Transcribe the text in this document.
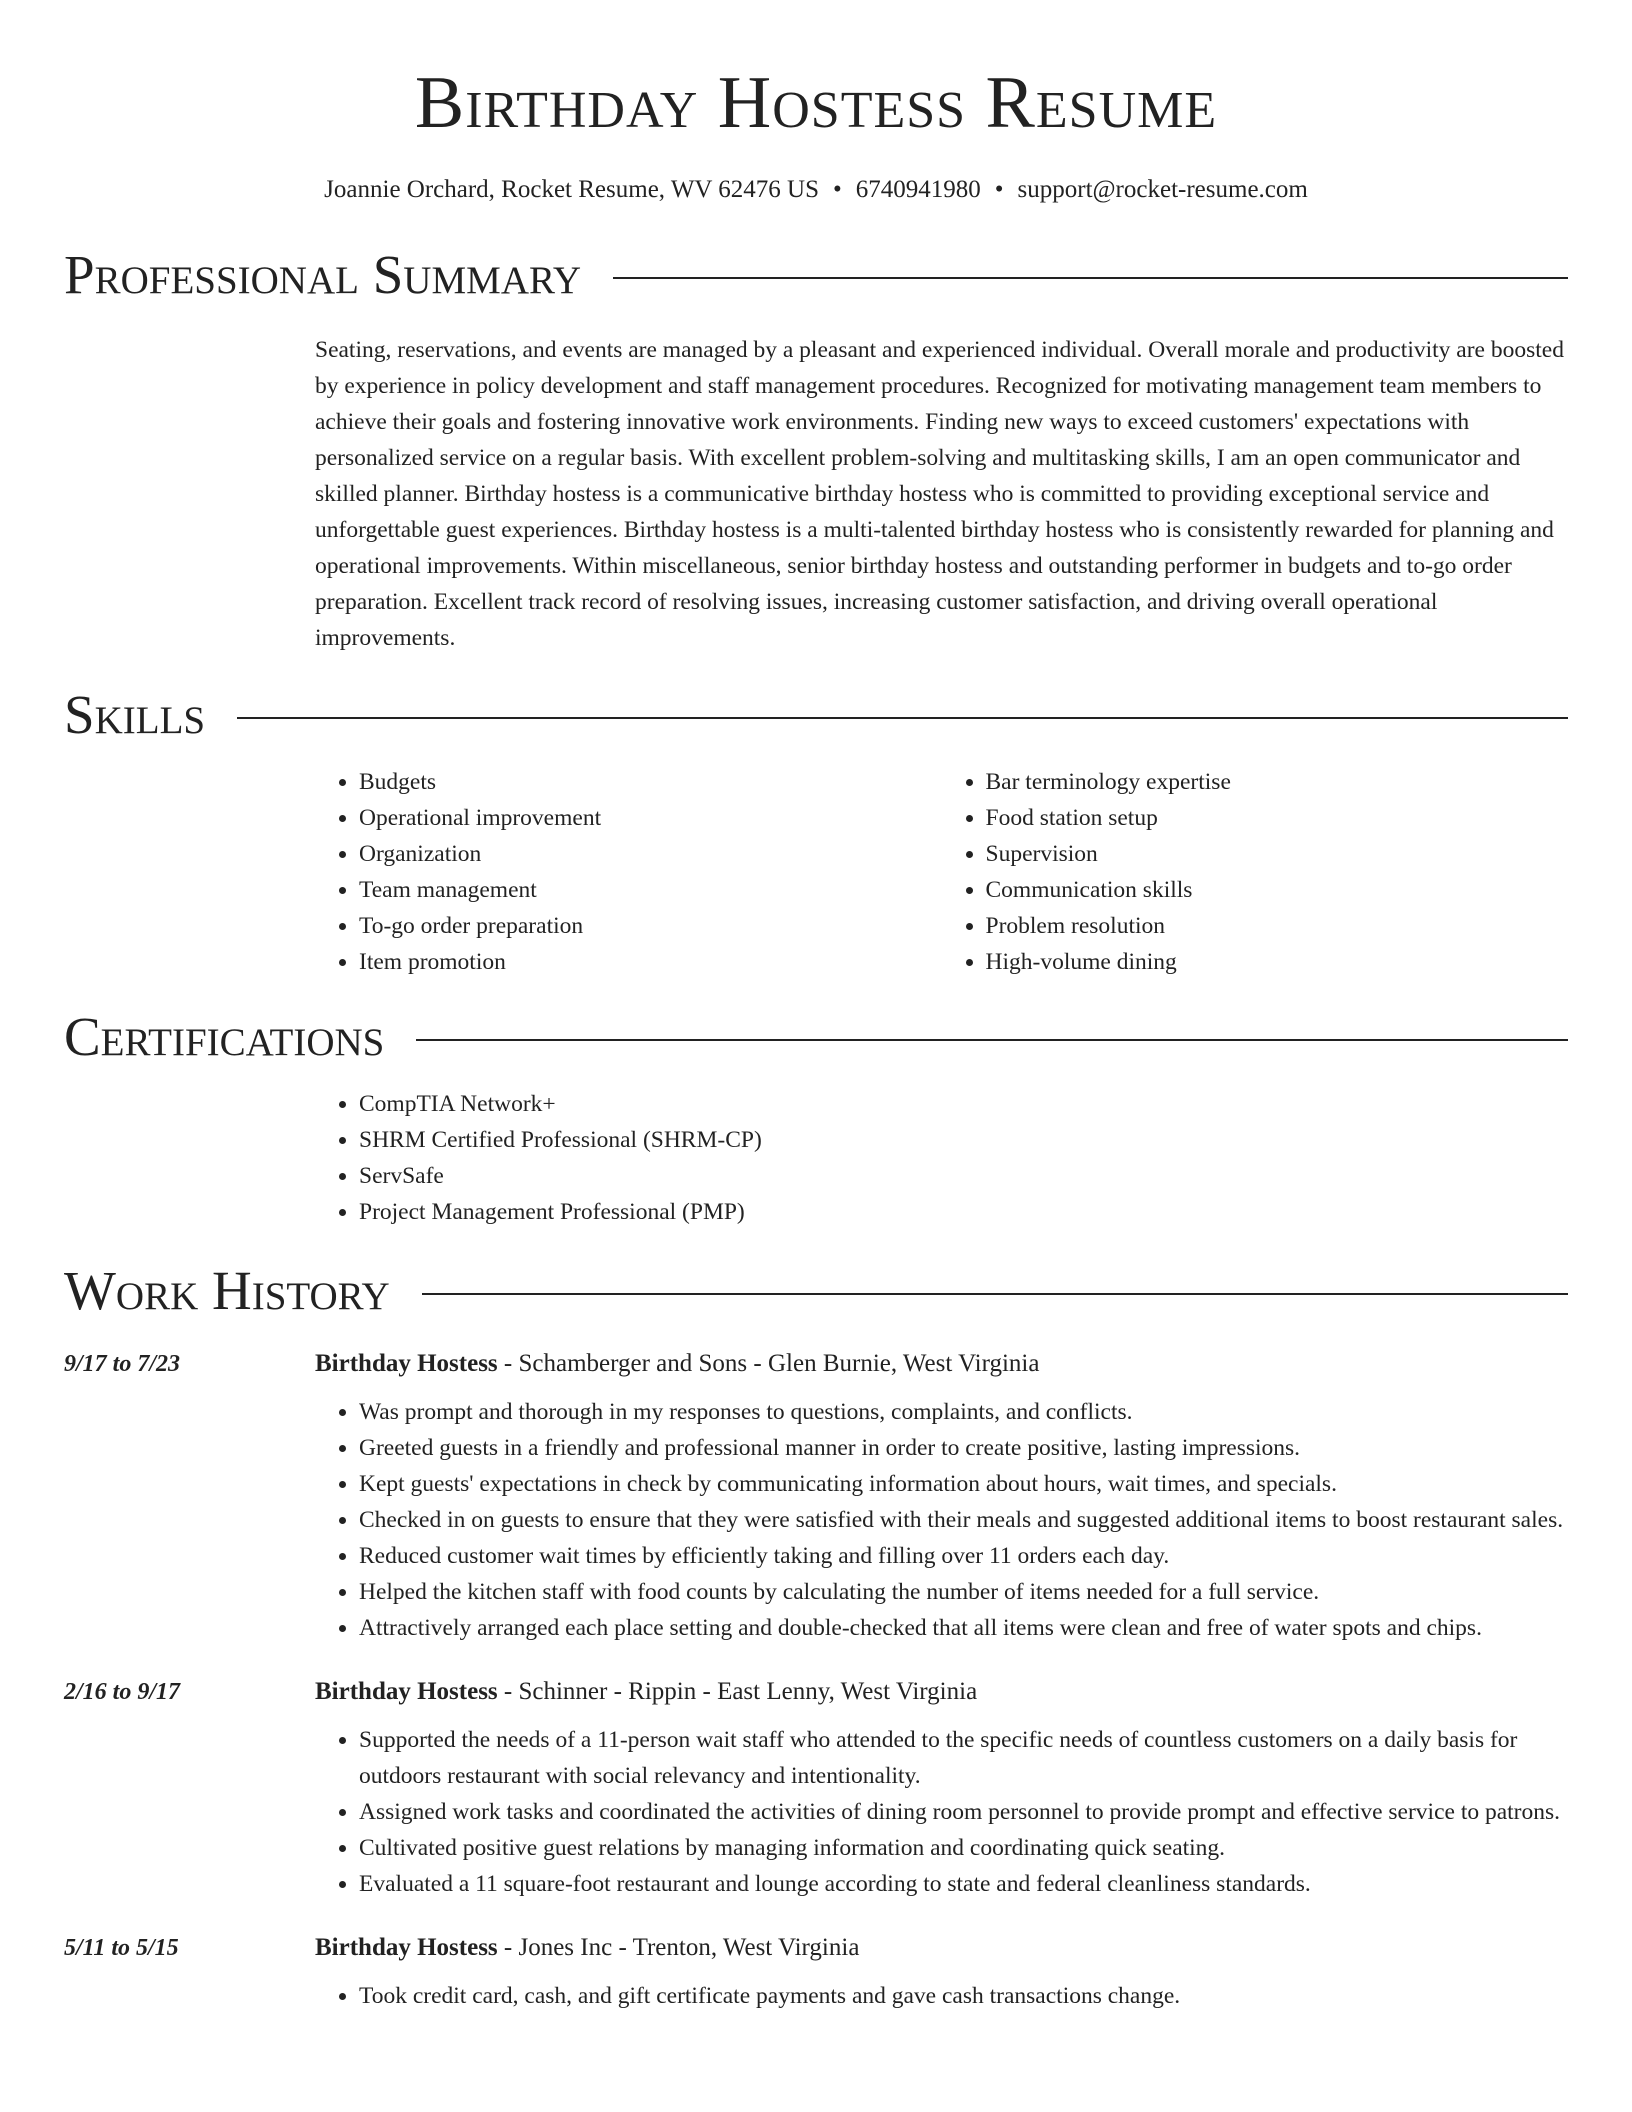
Birthday Hostess Resume
Joannie Orchard, Rocket Resume, WV 62476 US • 6740941980 • support@rocket-resume.com
Professional Summary

Seating, reservations, and events are managed by a pleasant and experienced individual. Overall morale and productivity are boosted by experience in policy development and staff management procedures. Recognized for motivating management team members to achieve their goals and fostering innovative work environments. Finding new ways to exceed customers' expectations with personalized service on a regular basis. With excellent problem-solving and multitasking skills, I am an open communicator and skilled planner. Birthday hostess is a communicative birthday hostess who is committed to providing exceptional service and unforgettable guest experiences. Birthday hostess is a multi-talented birthday hostess who is consistently rewarded for planning and operational improvements. Within miscellaneous, senior birthday hostess and outstanding performer in budgets and to-go order preparation. Excellent track record of resolving issues, increasing customer satisfaction, and driving overall operational improvements.

Skills
• Budgets
• Operational improvement
• Organization
• Team management
• To-go order preparation
• Item promotion
• Bar terminology expertise
• Food station setup
• Supervision
• Communication skills
• Problem resolution
• High-volume dining
Certifications
• CompTIA Network+
• SHRM Certified Professional (SHRM-CP)
• ServSafe
• Project Management Professional (PMP)
Work History
9/17 to 7/23	Birthday Hostess - Schamberger and Sons - Glen Burnie, West Virginia
• Was prompt and thorough in my responses to questions, complaints, and conflicts.
• Greeted guests in a friendly and professional manner in order to create positive, lasting impressions.
• Kept guests' expectations in check by communicating information about hours, wait times, and specials.
• Checked in on guests to ensure that they were satisfied with their meals and suggested additional items to boost restaurant sales.
• Reduced customer wait times by efficiently taking and filling over 11 orders each day.
• Helped the kitchen staff with food counts by calculating the number of items needed for a full service.
• Attractively arranged each place setting and double-checked that all items were clean and free of water spots and chips.
2/16 to 9/17	Birthday Hostess - Schinner - Rippin - East Lenny, West Virginia
• Supported the needs of a 11-person wait staff who attended to the specific needs of countless customers on a daily basis for outdoors restaurant with social relevancy and intentionality.
• Assigned work tasks and coordinated the activities of dining room personnel to provide prompt and effective service to patrons.
• Cultivated positive guest relations by managing information and coordinating quick seating.
• Evaluated a 11 square-foot restaurant and lounge according to state and federal cleanliness standards.
5/11 to 5/15	Birthday Hostess - Jones Inc - Trenton, West Virginia
• Took credit card, cash, and gift certificate payments and gave cash transactions change.
